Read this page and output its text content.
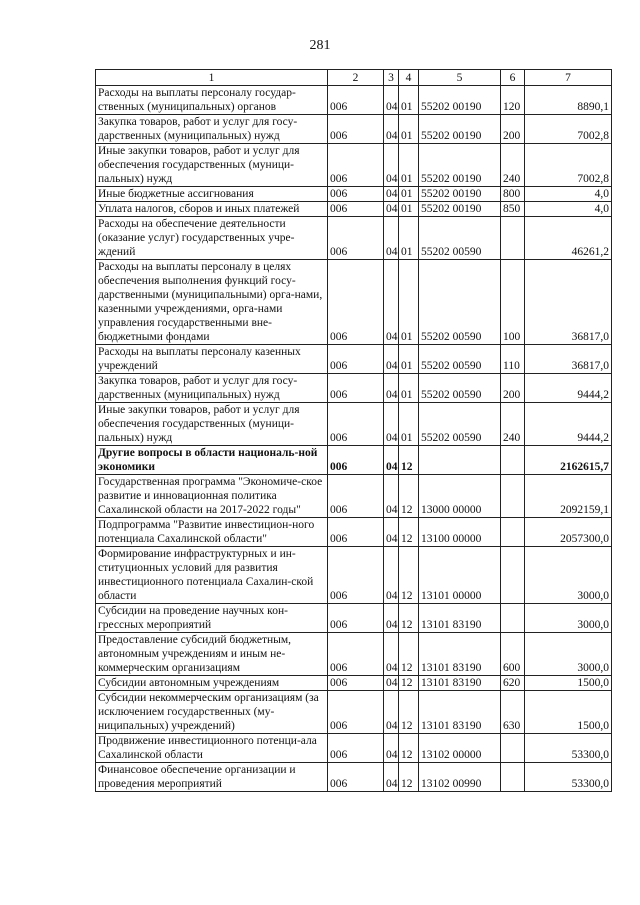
281
1	2	3	4	5	6	7
Расходы на выплаты персоналу государ-ственных (муниципальных) органов	006	04	01	55202 00190	120	8890,1
Закупка товаров, работ и услуг для госу-дарственных (муниципальных) нужд	006	04	01	55202 00190	200	7002,8
Иные закупки товаров, работ и услуг для обеспечения государственных (муници-пальных) нужд	006	04	01	55202 00190	240	7002,8
Иные бюджетные ассигнования	006	04	01	55202 00190	800	4,0
Уплата налогов, сборов и иных платежей	006	04	01	55202 00190	850	4,0
Расходы на обеспечение деятельности (оказание услуг) государственных учре-ждений	006	04	01	55202 00590		46261,2
Расходы на выплаты персоналу в целях обеспечения выполнения функций госу-дарственными (муниципальными) орга-нами, казенными учреждениями, орга-нами управления государственными вне-бюджетными фондами	006	04	01	55202 00590	100	36817,0
Расходы на выплаты персоналу казенных учреждений	006	04	01	55202 00590	110	36817,0
Закупка товаров, работ и услуг для госу-дарственных (муниципальных) нужд	006	04	01	55202 00590	200	9444,2
Иные закупки товаров, работ и услуг для обеспечения государственных (муници-пальных) нужд	006	04	01	55202 00590	240	9444,2
Другие вопросы в области националь-ной экономики	006	04	12			2162615,7
Государственная программа "Экономиче-ское развитие и инновационная политика Сахалинской области на 2017-2022 годы"	006	04	12	13000 00000		2092159,1
Подпрограмма "Развитие инвестицион-ного потенциала Сахалинской области"	006	04	12	13100 00000		2057300,0
Формирование инфраструктурных и ин-ституционных условий для развития инвестиционного потенциала Сахалин-ской области	006	04	12	13101 00000		3000,0
Субсидии на проведение научных кон-грессных мероприятий	006	04	12	13101 83190		3000,0
Предоставление субсидий бюджетным, автономным учреждениям и иным не-коммерческим организациям	006	04	12	13101 83190	600	3000,0
Субсидии автономным учреждениям	006	04	12	13101 83190	620	1500,0
Субсидии некоммерческим организациям (за исключением государственных (му-ниципальных) учреждений)	006	04	12	13101 83190	630	1500,0
Продвижение инвестиционного потенци-ала Сахалинской области	006	04	12	13102 00000		53300,0
Финансовое обеспечение организации и проведения мероприятий	006	04	12	13102 00990		53300,0
